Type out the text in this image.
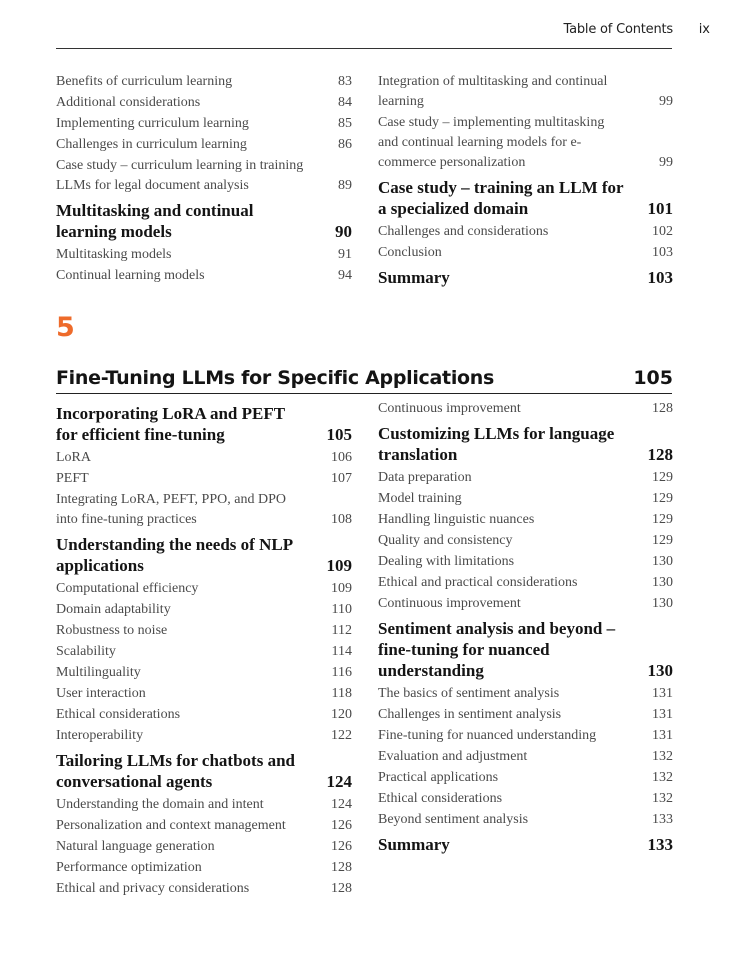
Table of Contents ix
Benefits of curriculum learning	83
Additional considerations	84
Implementing curriculum learning	85
Challenges in curriculum learning	86
Case study – curriculum learning in training LLMs for legal document analysis	89
Multitasking and continual learning models	90
Multitasking models	91
Continual learning models	94
Integration of multitasking and continual learning	99
Case study – implementing multitasking and continual learning models for e-commerce personalization	99
Case study – training an LLM for a specialized domain	101
Challenges and considerations	102
Conclusion	103
Summary	103
5
Fine-Tuning LLMs for Specific Applications	105
Incorporating LoRA and PEFT for efficient fine-tuning	105
LoRA	106
PEFT	107
Integrating LoRA, PEFT, PPO, and DPO into fine-tuning practices	108
Understanding the needs of NLP applications	109
Computational efficiency	109
Domain adaptability	110
Robustness to noise	112
Scalability	114
Multilinguality	116
User interaction	118
Ethical considerations	120
Interoperability	122
Tailoring LLMs for chatbots and conversational agents	124
Understanding the domain and intent	124
Personalization and context management	126
Natural language generation	126
Performance optimization	128
Ethical and privacy considerations	128
Continuous improvement	128
Customizing LLMs for language translation	128
Data preparation	129
Model training	129
Handling linguistic nuances	129
Quality and consistency	129
Dealing with limitations	130
Ethical and practical considerations	130
Continuous improvement	130
Sentiment analysis and beyond – fine-tuning for nuanced understanding	130
The basics of sentiment analysis	131
Challenges in sentiment analysis	131
Fine-tuning for nuanced understanding	131
Evaluation and adjustment	132
Practical applications	132
Ethical considerations	132
Beyond sentiment analysis	133
Summary	133
